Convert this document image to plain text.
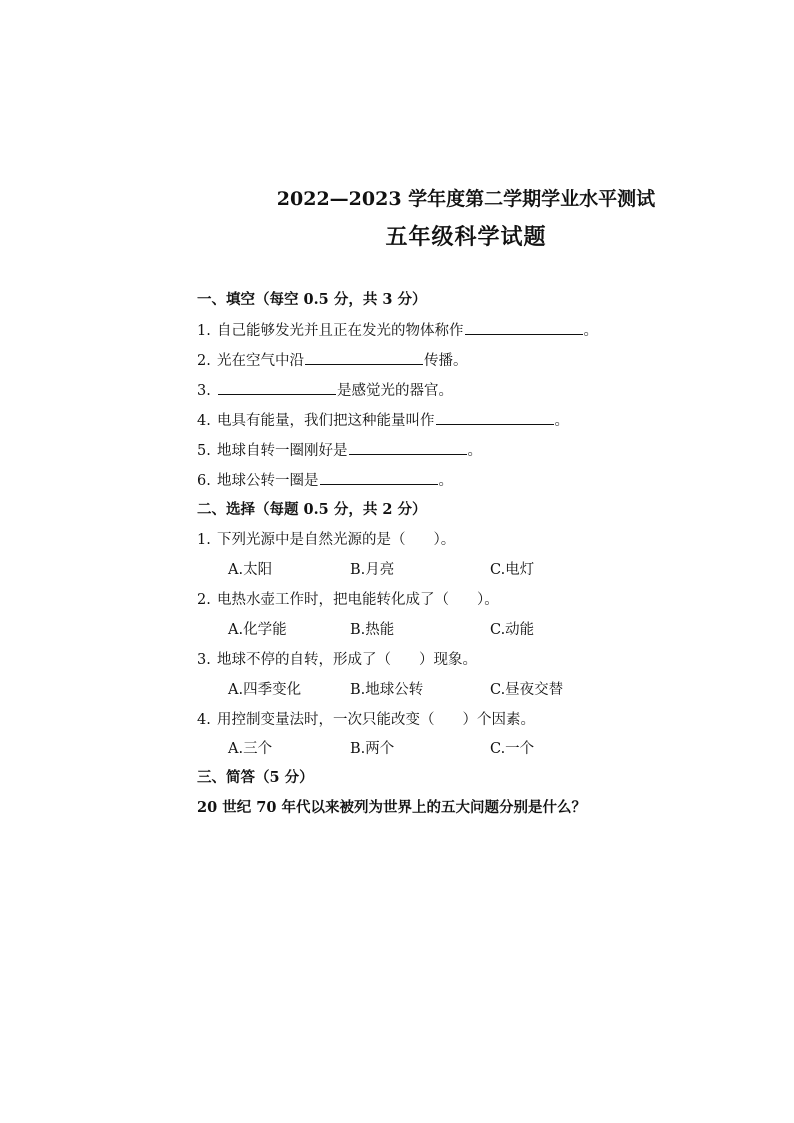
2022—2023 学年度第二学期学业水平测试
五年级科学试题
一、填空（每空 0.5 分，共 3 分）
1. 自己能够发光并且正在发光的物体称作	。
2. 光在空气中沿	传播。
3.	是感觉光的器官。
4. 电具有能量，我们把这种能量叫作	。
5. 地球自转一圈刚好是	。
6. 地球公转一圈是	。
二、选择（每题 0.5 分，共 2 分）
1. 下列光源中是自然光源的是（ ）。
A.太阳	B.月亮	C.电灯
2. 电热水壶工作时，把电能转化成了（ ）。
A.化学能	B.热能	C.动能
3. 地球不停的自转，形成了（ ）现象。
A.四季变化	B.地球公转	C.昼夜交替
4. 用控制变量法时，一次只能改变（ ）个因素。
A.三个	B.两个	C.一个
三、简答（5 分）
20 世纪 70 年代以来被列为世界上的五大问题分别是什么？
